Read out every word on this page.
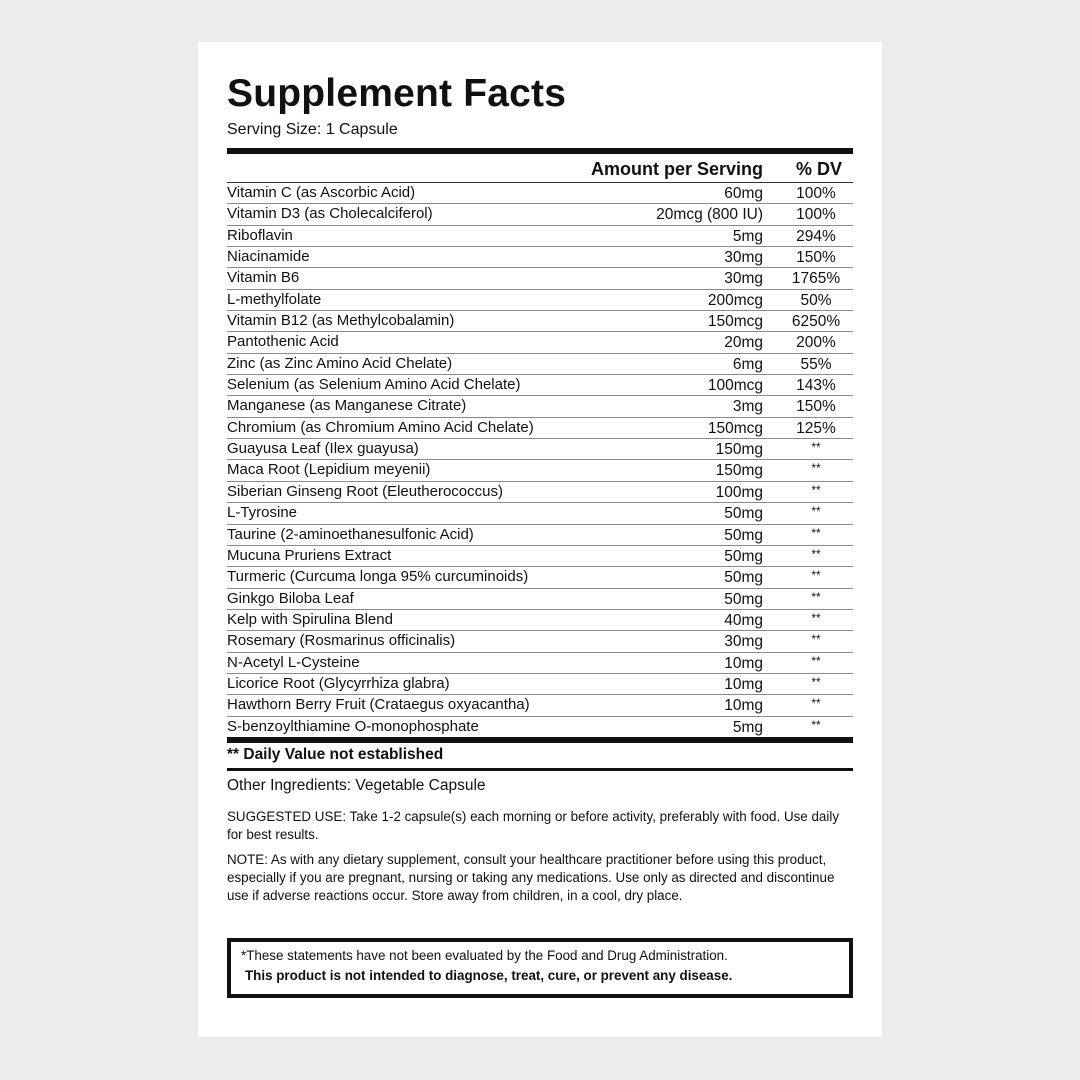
Supplement Facts
Serving Size: 1 Capsule
Amount per Serving % DV
Vitamin C (as Ascorbic Acid)	60mg	100%
Vitamin D3 (as Cholecalciferol)	20mcg (800 IU)	100%
Riboflavin	5mg	294%
Niacinamide	30mg	150%
Vitamin B6	30mg	1765%
L-methylfolate	200mcg	50%
Vitamin B12 (as Methylcobalamin)	150mcg	6250%
Pantothenic Acid	20mg	200%
Zinc (as Zinc Amino Acid Chelate)	6mg	55%
Selenium (as Selenium Amino Acid Chelate)	100mcg	143%
Manganese (as Manganese Citrate)	3mg	150%
Chromium (as Chromium Amino Acid Chelate)	150mcg	125%
Guayusa Leaf (Ilex guayusa)	150mg	**
Maca Root (Lepidium meyenii)	150mg	**
Siberian Ginseng Root (Eleutherococcus)	100mg	**
L-Tyrosine	50mg	**
Taurine (2-aminoethanesulfonic Acid)	50mg	**
Mucuna Pruriens Extract	50mg	**
Turmeric (Curcuma longa 95% curcuminoids)	50mg	**
Ginkgo Biloba Leaf	50mg	**
Kelp with Spirulina Blend	40mg	**
Rosemary (Rosmarinus officinalis)	30mg	**
N-Acetyl L-Cysteine	10mg	**
Licorice Root (Glycyrrhiza glabra)	10mg	**
Hawthorn Berry Fruit (Crataegus oxyacantha)	10mg	**
S-benzoylthiamine O-monophosphate	5mg	**
** Daily Value not established
Other Ingredients: Vegetable Capsule
SUGGESTED USE: Take 1-2 capsule(s) each morning or before activity, preferably with food. Use daily for best results.
NOTE: As with any dietary supplement, consult your healthcare practitioner before using this product, especially if you are pregnant, nursing or taking any medications. Use only as directed and discontinue use if adverse reactions occur. Store away from children, in a cool, dry place.
*These statements have not been evaluated by the Food and Drug Administration.
This product is not intended to diagnose, treat, cure, or prevent any disease.
